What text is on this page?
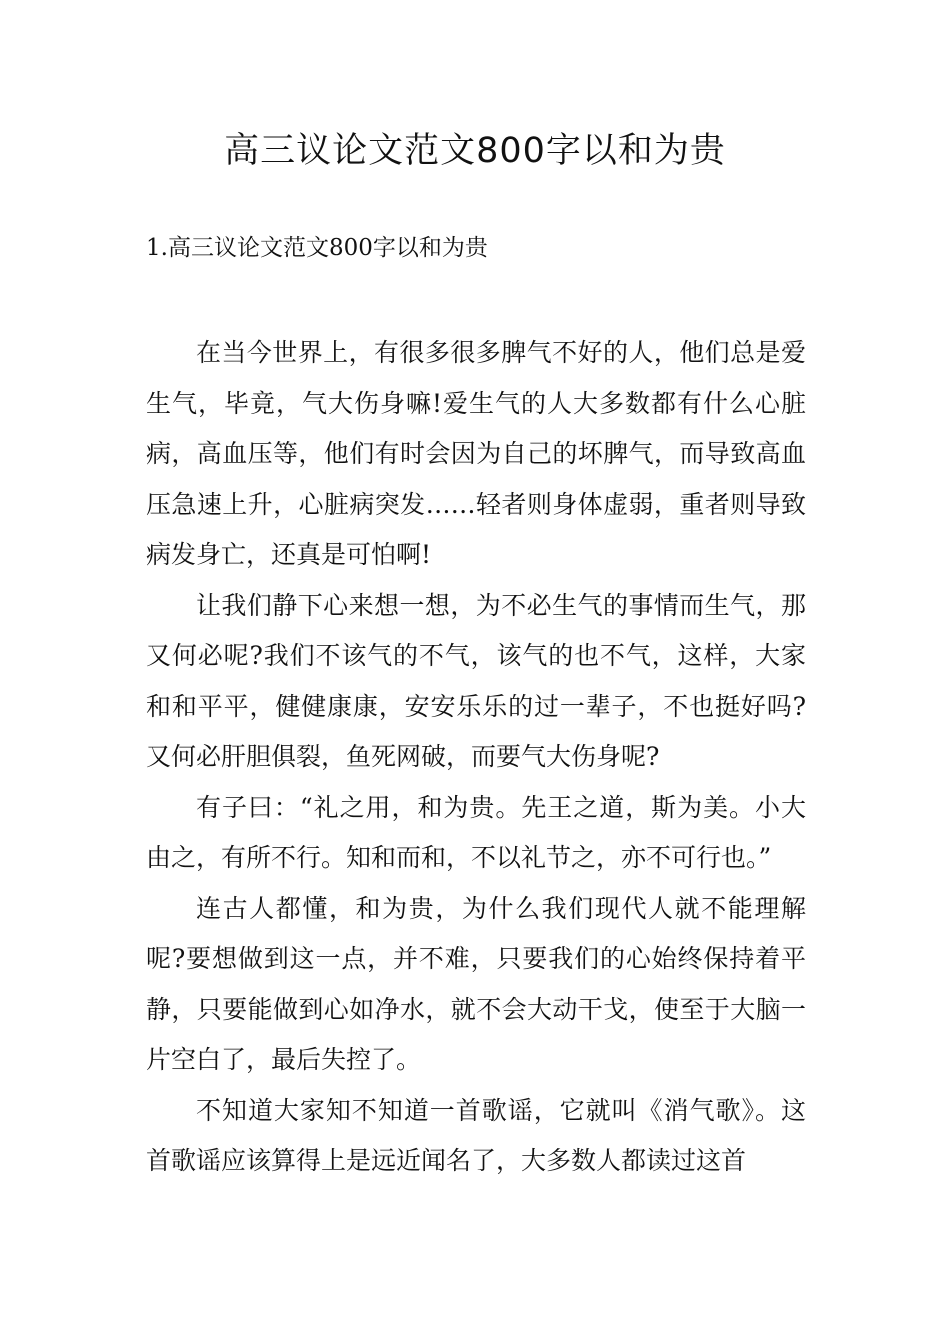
高三议论文范文800字以和为贵
1.高三议论文范文800字以和为贵

在当今世界上，有很多很多脾气不好的人，他们总是爱生气，毕竟，气大伤身嘛!爱生气的人大多数都有什么心脏病，高血压等，他们有时会因为自己的坏脾气，而导致高血压急速上升，心脏病突发……轻者则身体虚弱，重者则导致病发身亡，还真是可怕啊!

让我们静下心来想一想，为不必生气的事情而生气，那又何必呢?我们不该气的不气，该气的也不气，这样，大家和和平平，健健康康，安安乐乐的过一辈子，不也挺好吗?又何必肝胆俱裂，鱼死网破，而要气大伤身呢?

有子曰：“礼之用，和为贵。先王之道，斯为美。小大由之，有所不行。知和而和，不以礼节之，亦不可行也。”

连古人都懂，和为贵，为什么我们现代人就不能理解呢?要想做到这一点，并不难，只要我们的心始终保持着平静，只要能做到心如净水，就不会大动干戈，使至于大脑一片空白了，最后失控了。

不知道大家知不知道一首歌谣，它就叫《消气歌》。这首歌谣应该算得上是远近闻名了，大多数人都读过这首
